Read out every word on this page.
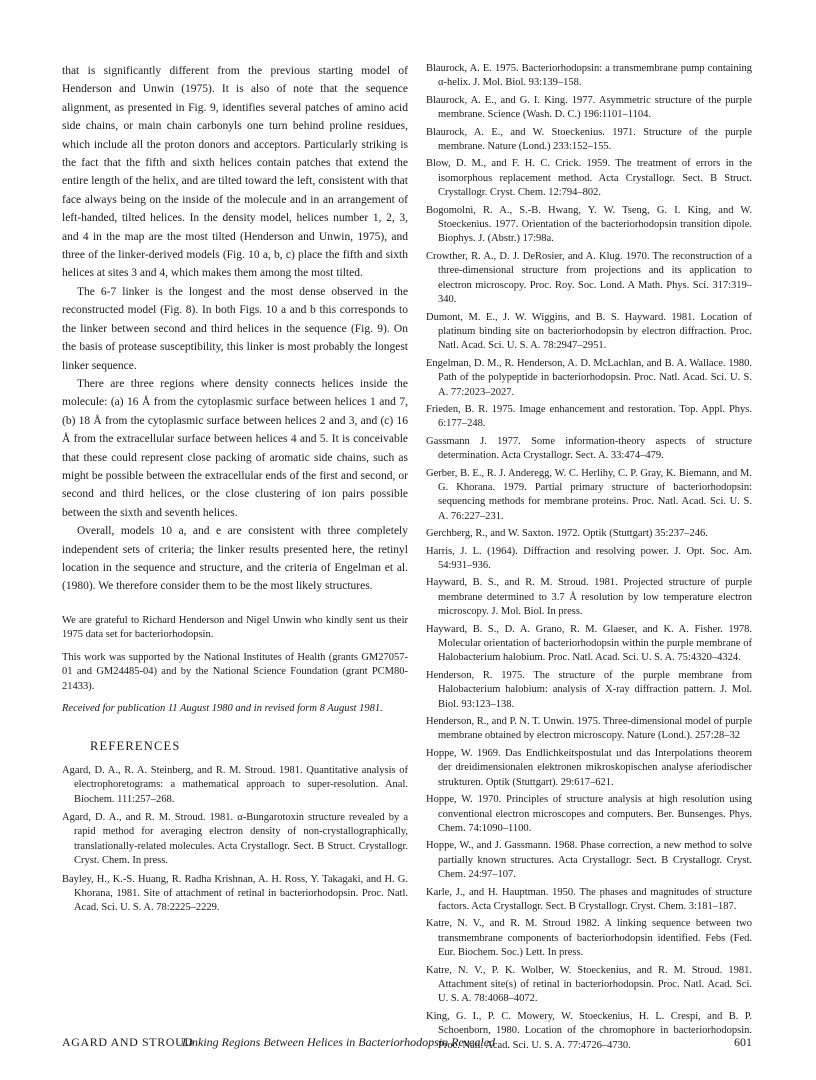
that is significantly different from the previous starting model of Henderson and Unwin (1975). It is also of note that the sequence alignment, as presented in Fig. 9, identifies several patches of amino acid side chains, or main chain carbonyls one turn behind proline residues, which include all the proton donors and acceptors. Particularly striking is the fact that the fifth and sixth helices contain patches that extend the entire length of the helix, and are tilted toward the left, consistent with that face always being on the inside of the molecule and in an arrangement of left-handed, tilted helices. In the density model, helices number 1, 2, 3, and 4 in the map are the most tilted (Henderson and Unwin, 1975), and three of the linker-derived models (Fig. 10 a, b, c) place the fifth and sixth helices at sites 3 and 4, which makes them among the most tilted.

The 6-7 linker is the longest and the most dense observed in the reconstructed model (Fig. 8). In both Figs. 10 a and b this corresponds to the linker between second and third helices in the sequence (Fig. 9). On the basis of protease susceptibility, this linker is most probably the longest linker sequence.

There are three regions where density connects helices inside the molecule: (a) 16 Å from the cytoplasmic surface between helices 1 and 7, (b) 18 Å from the cytoplasmic surface between helices 2 and 3, and (c) 16 Å from the extracellular surface between helices 4 and 5. It is conceivable that these could represent close packing of aromatic side chains, such as might be possible between the extracellular ends of the first and second, or second and third helices, or the close clustering of ion pairs possible between the sixth and seventh helices.

Overall, models 10 a, and e are consistent with three completely independent sets of criteria; the linker results presented here, the retinyl location in the sequence and structure, and the criteria of Engelman et al. (1980). We therefore consider them to be the most likely structures.

We are grateful to Richard Henderson and Nigel Unwin who kindly sent us their 1975 data set for bacteriorhodopsin.

This work was supported by the National Institutes of Health (grants GM27057-01 and GM24485-04) and by the National Science Foundation (grant PCM80-21433).

Received for publication 11 August 1980 and in revised form 8 August 1981.

REFERENCES

Agard, D. A., R. A. Steinberg, and R. M. Stroud. 1981. Quantitative analysis of electrophoretograms: a mathematical approach to super-resolution. Anal. Biochem. 111:257–268.

Agard, D. A., and R. M. Stroud. 1981. α-Bungarotoxin structure revealed by a rapid method for averaging electron density of non-crystallographically, translationally-related molecules. Acta Crystallogr. Sect. B Struct. Crystallogr. Cryst. Chem. In press.

Bayley, H., K.-S. Huang, R. Radha Krishnan, A. H. Ross, Y. Takagaki, and H. G. Khorana, 1981. Site of attachment of retinal in bacteriorhodopsin. Proc. Natl. Acad. Sci. U. S. A. 78:2225–2229.

Blaurock, A. E. 1975. Bacteriorhodopsin: a transmembrane pump containing α-helix. J. Mol. Biol. 93:139–158.

Blaurock, A. E., and G. I. King. 1977. Asymmetric structure of the purple membrane. Science (Wash. D. C.) 196:1101–1104.

Blaurock, A. E., and W. Stoeckenius. 1971. Structure of the purple membrane. Nature (Lond.) 233:152–155.

Blow, D. M., and F. H. C. Crick. 1959. The treatment of errors in the isomorphous replacement method. Acta Crystallogr. Sect. B Struct. Crystallogr. Cryst. Chem. 12:794–802.

Bogomolni, R. A., S.-B. Hwang, Y. W. Tseng, G. I. King, and W. Stoeckenius. 1977. Orientation of the bacteriorhodopsin transition dipole. Biophys. J. (Abstr.) 17:98a.

Crowther, R. A., D. J. DeRosier, and A. Klug. 1970. The reconstruction of a three-dimensional structure from projections and its application to electron microscopy. Proc. Roy. Soc. Lond. A Math. Phys. Sci. 317:319–340.

Dumont, M. E., J. W. Wiggins, and B. S. Hayward. 1981. Location of platinum binding site on bacteriorhodopsin by electron diffraction. Proc. Natl. Acad. Sci. U. S. A. 78:2947–2951.

Engelman, D. M., R. Henderson, A. D. McLachlan, and B. A. Wallace. 1980. Path of the polypeptide in bacteriorhodopsin. Proc. Natl. Acad. Sci. U. S. A. 77:2023–2027.

Frieden, B. R. 1975. Image enhancement and restoration. Top. Appl. Phys. 6:177–248.

Gassmann J. 1977. Some information-theory aspects of structure determination. Acta Crystallogr. Sect. A. 33:474–479.

Gerber, B. E., R. J. Anderegg, W. C. Herlihy, C. P. Gray, K. Biemann, and M. G. Khorana. 1979. Partial primary structure of bacteriorhodopsin: sequencing methods for membrane proteins. Proc. Natl. Acad. Sci. U. S. A. 76:227–231.

Gerchberg, R., and W. Saxton. 1972. Optik (Stuttgart) 35:237–246.

Harris, J. L. (1964). Diffraction and resolving power. J. Opt. Soc. Am. 54:931–936.

Hayward, B. S., and R. M. Stroud. 1981. Projected structure of purple membrane determined to 3.7 Å resolution by low temperature electron microscopy. J. Mol. Biol. In press.

Hayward, B. S., D. A. Grano, R. M. Glaeser, and K. A. Fisher. 1978. Molecular orientation of bacteriorhodopsin within the purple membrane of Halobacterium halobium. Proc. Natl. Acad. Sci. U. S. A. 75:4320–4324.

Henderson, R. 1975. The structure of the purple membrane from Halobacterium halobium: analysis of X-ray diffraction pattern. J. Mol. Biol. 93:123–138.

Henderson, R., and P. N. T. Unwin. 1975. Three-dimensional model of purple membrane obtained by electron microscopy. Nature (Lond.). 257:28–32

Hoppe, W. 1969. Das Endlichkeitspostulat und das Interpolations theorem der dreidimensionalen elektronen mikroskopischen analyse aferiodischer strukturen. Optik (Stuttgart). 29:617–621.

Hoppe, W. 1970. Principles of structure analysis at high resolution using conventional electron microscopes and computers. Ber. Bunsenges. Phys. Chem. 74:1090–1100.

Hoppe, W., and J. Gassmann. 1968. Phase correction, a new method to solve partially known structures. Acta Crystallogr. Sect. B Crystallogr. Cryst. Chem. 24:97–107.

Karle, J., and H. Hauptman. 1950. The phases and magnitudes of structure factors. Acta Crystallogr. Sect. B Crystallogr. Cryst. Chem. 3:181–187.

Katre, N. V., and R. M. Stroud 1982. A linking sequence between two transmembrane components of bacteriorhodopsin identified. Febs (Fed. Eur. Biochem. Soc.) Lett. In press.

Katre, N. V., P. K. Wolber, W. Stoeckenius, and R. M. Stroud. 1981. Attachment site(s) of retinal in bacteriorhodopsin. Proc. Natl. Acad. Sci. U. S. A. 78:4068–4072.

King, G. I., P. C. Mowery, W. Stoeckenius, H. L. Crespi, and B. P. Schoenborn, 1980. Location of the chromophore in bacteriorhodopsin. Proc. Natl. Acad. Sci. U. S. A. 77:4726–4730.

AGARD AND STROUD
Linking Regions Between Helices in Bacteriorhodopsin Revealed	601
